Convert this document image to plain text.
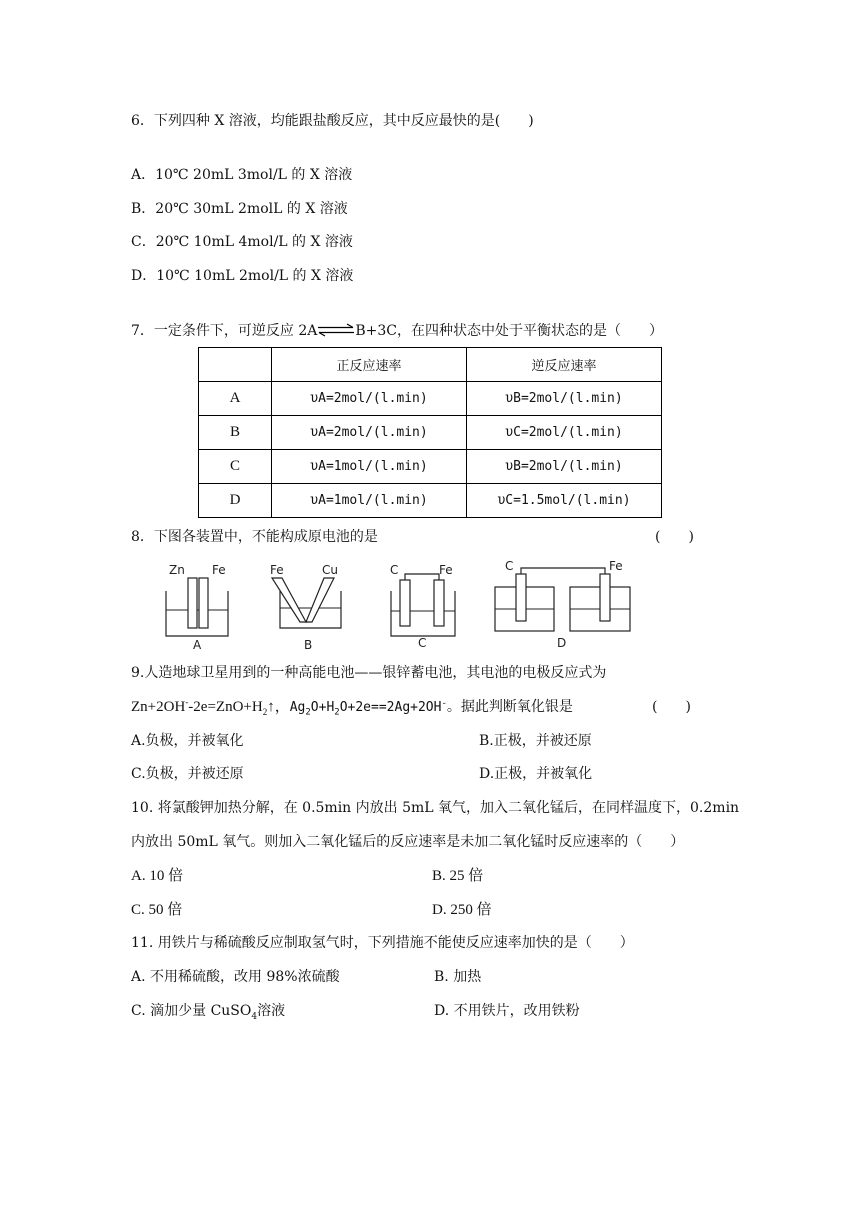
6．下列四种 X 溶液，均能跟盐酸反应，其中反应最快的是(　　)
A．10℃ 20mL 3mol/L 的 X 溶液
B．20℃ 30mL 2molL 的 X 溶液
C．20℃ 10mL 4mol/L 的 X 溶液
D．10℃ 10mL 2mol/L 的 X 溶液
7．一定条件下，可逆反应 2A⇌B+3C，在四种状态中处于平衡状态的是（　　）
	正反应速率	逆反应速率
A	υA=2mol/(l.min)	υB=2mol/(l.min)
B	υA=2mol/(l.min)	υC=2mol/(l.min)
C	υA=1mol/(l.min)	υB=2mol/(l.min)
D	υA=1mol/(l.min)	υC=1.5mol/(l.min)
8．下图各装置中，不能构成原电池的是	(　　)
Zn Fe
A
Fe	Cu
B
C	Fe
C
C	Fe
D
9.人造地球卫星用到的一种高能电池——银锌蓄电池，其电池的电极反应式为
$Zn+2OH^--2e=ZnO+H_2↑$，$Ag_2O+H_2O+2e==2Ag+2OH^-$。据此判断氧化银是	(　　)
A.负极，并被氧化	B.正极，并被还原
C.负极，并被还原	D.正极，并被氧化
10. 将氯酸钾加热分解，在 0.5min 内放出 5mL 氧气，加入二氧化锰后，在同样温度下，0.2min
内放出 50mL 氧气。则加入二氧化锰后的反应速率是未加二氧化锰时反应速率的（　　）
A. 10 倍	B. 25 倍
C. 50 倍	D. 250 倍
11. 用铁片与稀硫酸反应制取氢气时，下列措施不能使反应速率加快的是（　　）
A. 不用稀硫酸，改用 98%浓硫酸	B. 加热
C. 滴加少量 CuSO$_4$溶液	D. 不用铁片，改用铁粉
